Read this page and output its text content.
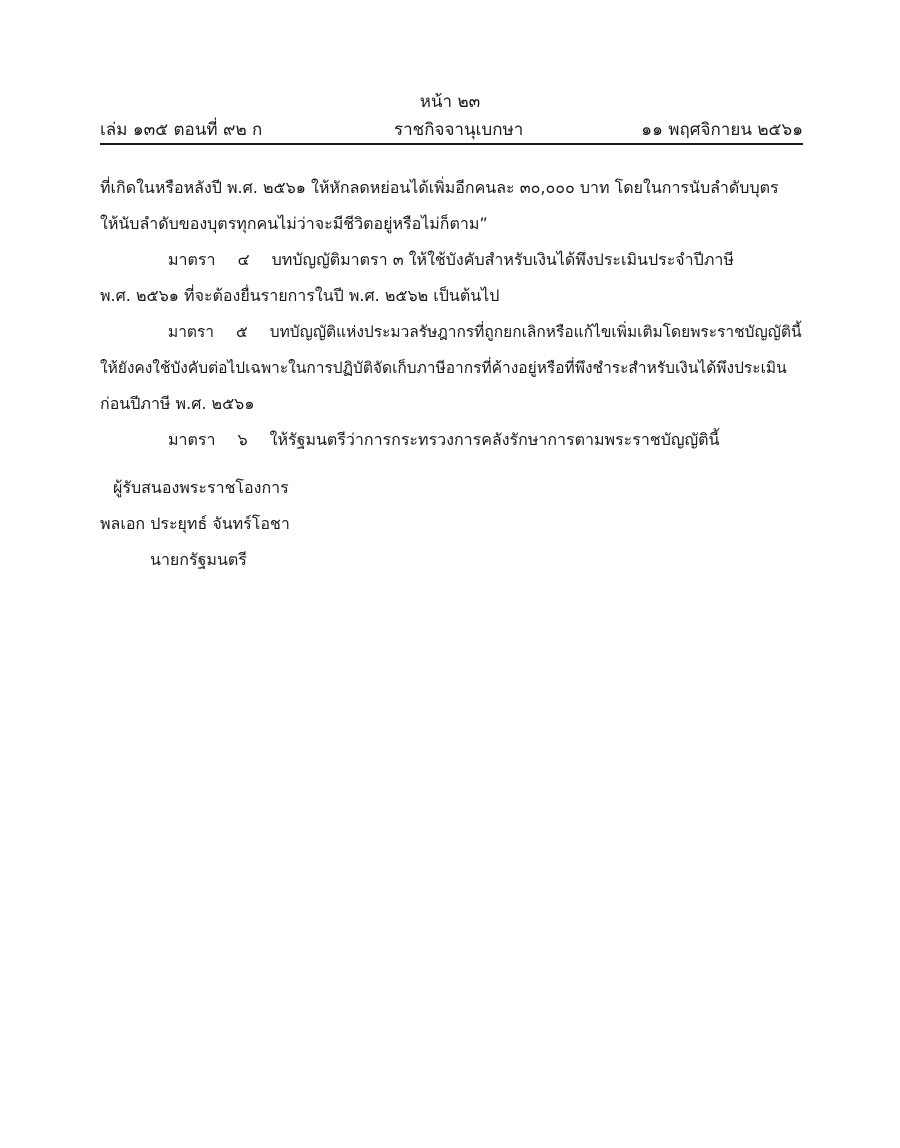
หน้า ๒๓
เล่ม ๑๓๕ ตอนที่ ๙๒ ก	ราชกิจจานุเบกษา	๑๑ พฤศจิกายน ๒๕๖๑
ที่เกิดในหรือหลังปี พ.ศ. ๒๕๖๑ ให้หักลดหย่อนได้เพิ่มอีกคนละ ๓๐,๐๐๐ บาท โดยในการนับลำดับบุตร
ให้นับลำดับของบุตรทุกคนไม่ว่าจะมีชีวิตอยู่หรือไม่ก็ตาม”
มาตรา ๔ บทบัญญัติมาตรา ๓ ให้ใช้บังคับสำหรับเงินได้พึงประเมินประจำปีภาษี
พ.ศ. ๒๕๖๑ ที่จะต้องยื่นรายการในปี พ.ศ. ๒๕๖๒ เป็นต้นไป
มาตรา ๕ บทบัญญัติแห่งประมวลรัษฎากรที่ถูกยกเลิกหรือแก้ไขเพิ่มเติมโดยพระราชบัญญัตินี้
ให้ยังคงใช้บังคับต่อไปเฉพาะในการปฏิบัติจัดเก็บภาษีอากรที่ค้างอยู่หรือที่พึงชำระสำหรับเงินได้พึงประเมิน
ก่อนปีภาษี พ.ศ. ๒๕๖๑
มาตรา ๖ ให้รัฐมนตรีว่าการกระทรวงการคลังรักษาการตามพระราชบัญญัตินี้
ผู้รับสนองพระราชโองการ
พลเอก ประยุทธ์ จันทร์โอชา
นายกรัฐมนตรี
